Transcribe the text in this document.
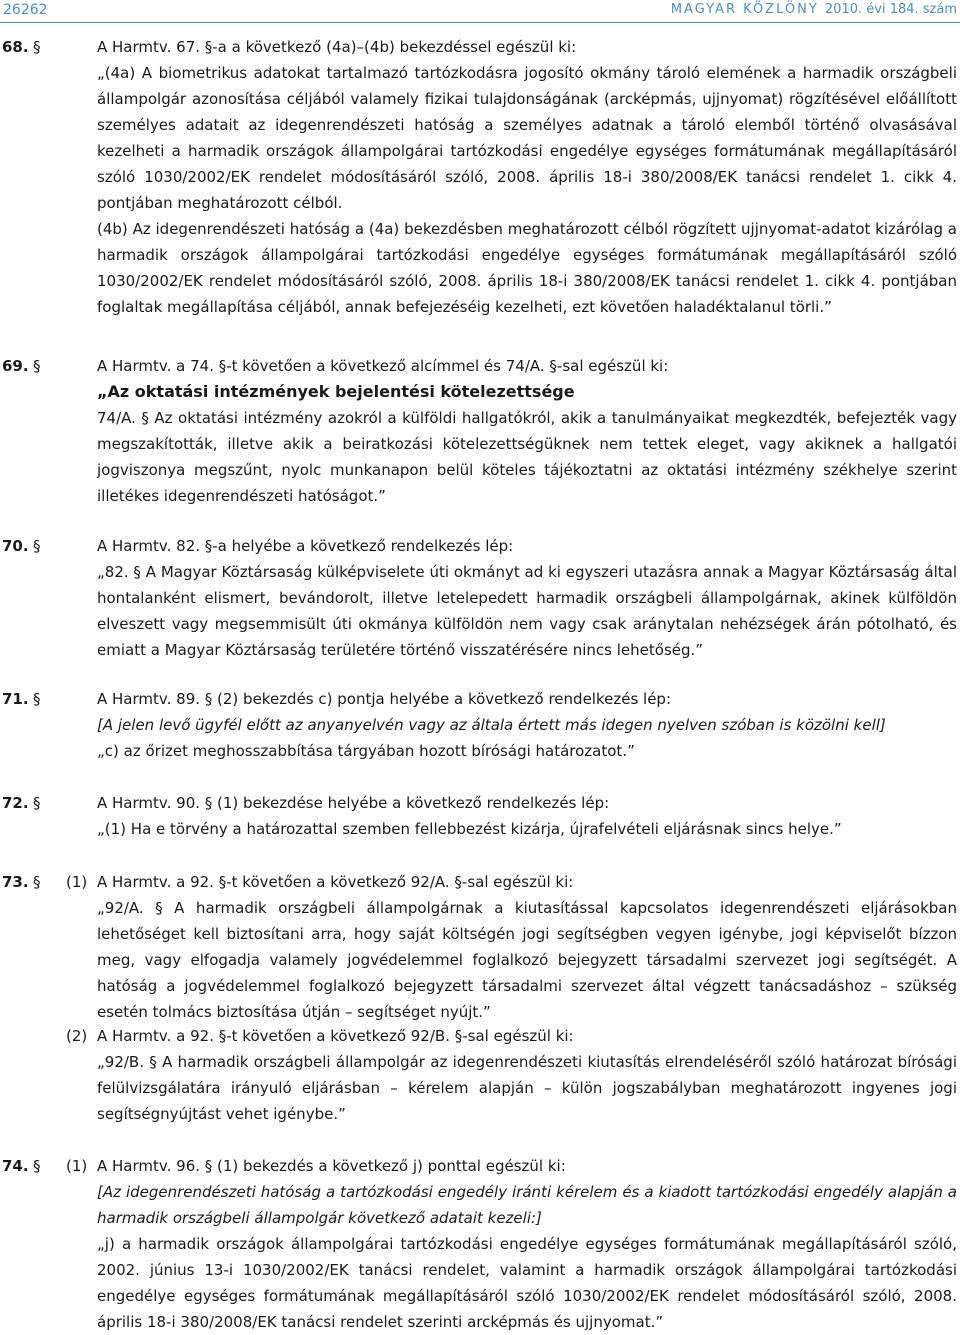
26262	MAGYAR KÖZLÖNY 2010. évi 184. szám
68. §	A Harmtv. 67. §-a a következő (4a)–(4b) bekezdéssel egészül ki:

„(4a) A biometrikus adatokat tartalmazó tartózkodásra jogosító okmány tároló elemének a harmadik országbeli állampolgár azonosítása céljából valamely fizikai tulajdonságának (arcképmás, ujjnyomat) rögzítésével előállított személyes adatait az idegenrendészeti hatóság a személyes adatnak a tároló elemből történő olvasásával kezelheti a harmadik országok állampolgárai tartózkodási engedélye egységes formátumának megállapításáról szóló 1030/2002/EK rendelet módosításáról szóló, 2008. április 18-i 380/2008/EK tanácsi rendelet 1. cikk 4. pontjában meghatározott célból.

(4b) Az idegenrendészeti hatóság a (4a) bekezdésben meghatározott célból rögzített ujjnyomat-adatot kizárólag a harmadik országok állampolgárai tartózkodási engedélye egységes formátumának megállapításáról szóló 1030/2002/EK rendelet módosításáról szóló, 2008. április 18-i 380/2008/EK tanácsi rendelet 1. cikk 4. pontjában foglaltak megállapítása céljából, annak befejezéséig kezelheti, ezt követően haladéktalanul törli.”

69. §	A Harmtv. a 74. §-t követően a következő alcímmel és 74/A. §-sal egészül ki:

„Az oktatási intézmények bejelentési kötelezettsége

74/A. § Az oktatási intézmény azokról a külföldi hallgatókról, akik a tanulmányaikat megkezdték, befejezték vagy megszakították, illetve akik a beiratkozási kötelezettségüknek nem tettek eleget, vagy akiknek a hallgatói jogviszonya megszűnt, nyolc munkanapon belül köteles tájékoztatni az oktatási intézmény székhelye szerint illetékes idegenrendészeti hatóságot.”

70. §	A Harmtv. 82. §-a helyébe a következő rendelkezés lép:

„82. § A Magyar Köztársaság külképviselete úti okmányt ad ki egyszeri utazásra annak a Magyar Köztársaság által hontalanként elismert, bevándorolt, illetve letelepedett harmadik országbeli állampolgárnak, akinek külföldön elveszett vagy megsemmisült úti okmánya külföldön nem vagy csak aránytalan nehézségek árán pótolható, és emiatt a Magyar Köztársaság területére történő visszatérésére nincs lehetőség.”

71. §	A Harmtv. 89. § (2) bekezdés c) pontja helyébe a következő rendelkezés lép:

[A jelen levő ügyfél előtt az anyanyelvén vagy az általa értett más idegen nyelven szóban is közölni kell]

„c) az őrizet meghosszabbítása tárgyában hozott bírósági határozatot.”

72. §	A Harmtv. 90. § (1) bekezdése helyébe a következő rendelkezés lép:

„(1) Ha e törvény a határozattal szemben fellebbezést kizárja, újrafelvételi eljárásnak sincs helye.”

73. § (1) A Harmtv. a 92. §-t követően a következő 92/A. §-sal egészül ki:

„92/A. § A harmadik országbeli állampolgárnak a kiutasítással kapcsolatos idegenrendészeti eljárásokban lehetőséget kell biztosítani arra, hogy saját költségén jogi segítségben vegyen igénybe, jogi képviselőt bízzon meg, vagy elfogadja valamely jogvédelemmel foglalkozó bejegyzett társadalmi szervezet jogi segítségét. A hatóság a jogvédelemmel foglalkozó bejegyzett társadalmi szervezet által végzett tanácsadáshoz – szükség esetén tolmács biztosítása útján – segítséget nyújt.”

(2) A Harmtv. a 92. §-t követően a következő 92/B. §-sal egészül ki:

„92/B. § A harmadik országbeli állampolgár az idegenrendészeti kiutasítás elrendeléséről szóló határozat bírósági felülvizsgálatára irányuló eljárásban – kérelem alapján – külön jogszabályban meghatározott ingyenes jogi segítségnyújtást vehet igénybe.”

74. § (1) A Harmtv. 96. § (1) bekezdés a következő j) ponttal egészül ki:

[Az idegenrendészeti hatóság a tartózkodási engedély iránti kérelem és a kiadott tartózkodási engedély alapján a harmadik országbeli állampolgár következő adatait kezeli:]

„j) a harmadik országok állampolgárai tartózkodási engedélye egységes formátumának megállapításáról szóló, 2002. június 13-i 1030/2002/EK tanácsi rendelet, valamint a harmadik országok állampolgárai tartózkodási engedélye egységes formátumának megállapításáról szóló 1030/2002/EK rendelet módosításáról szóló, 2008. április 18-i 380/2008/EK tanácsi rendelet szerinti arcképmás és ujjnyomat.”
